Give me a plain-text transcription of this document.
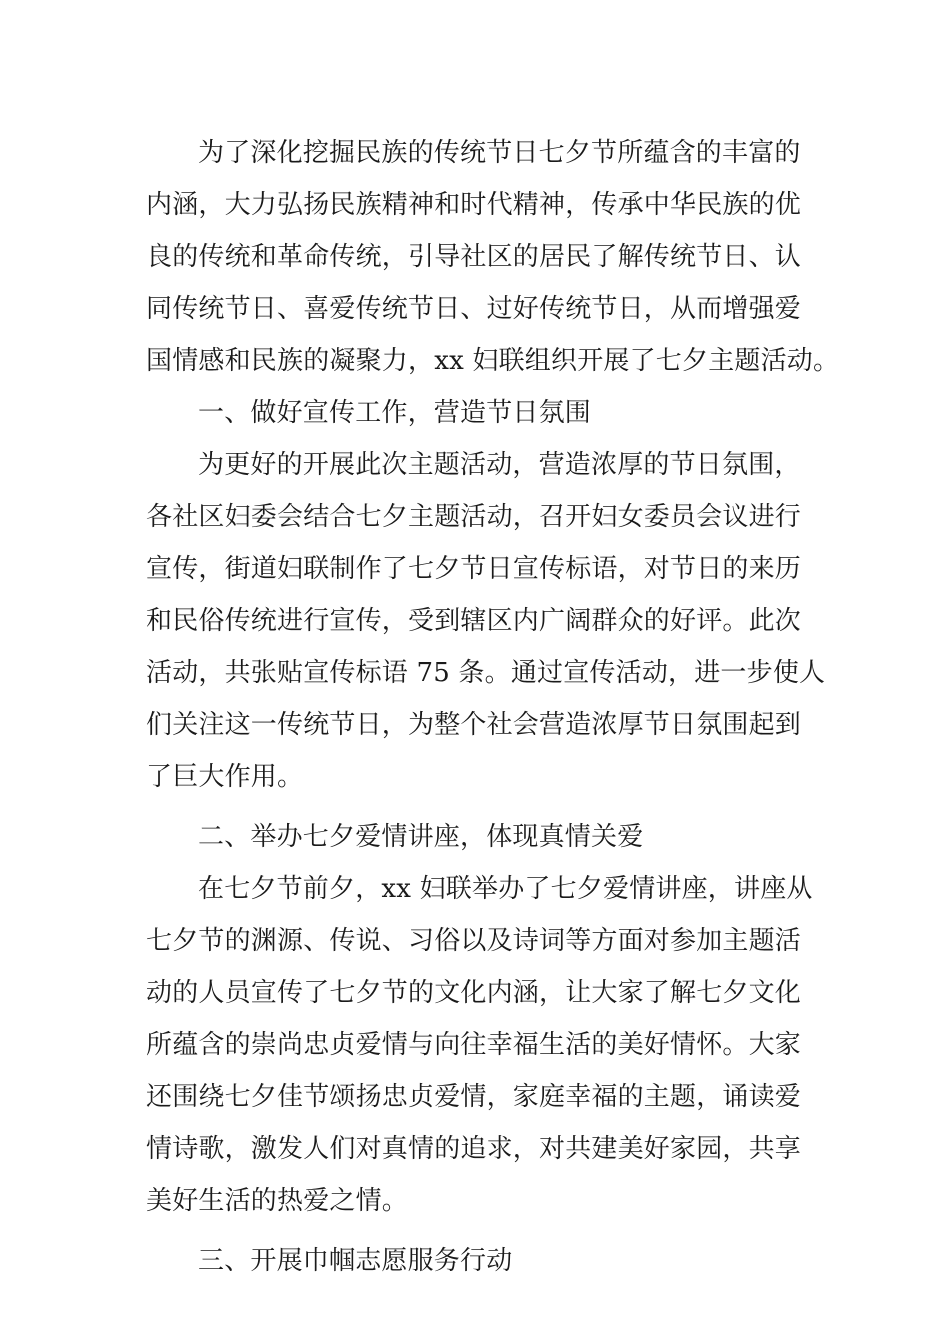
为了深化挖掘民族的传统节日七夕节所蕴含的丰富的
内涵，大力弘扬民族精神和时代精神，传承中华民族的优
良的传统和革命传统，引导社区的居民了解传统节日、认
同传统节日、喜爱传统节日、过好传统节日，从而增强爱
国情感和民族的凝聚力，xx 妇联组织开展了七夕主题活动。

一、做好宣传工作，营造节日氛围

为更好的开展此次主题活动，营造浓厚的节日氛围，
各社区妇委会结合七夕主题活动，召开妇女委员会议进行
宣传，街道妇联制作了七夕节日宣传标语，对节日的来历
和民俗传统进行宣传，受到辖区内广阔群众的好评。此次
活动，共张贴宣传标语 75 条。通过宣传活动，进一步使人
们关注这一传统节日，为整个社会营造浓厚节日氛围起到
了巨大作用。

二、举办七夕爱情讲座，体现真情关爱

在七夕节前夕，xx 妇联举办了七夕爱情讲座，讲座从
七夕节的渊源、传说、习俗以及诗词等方面对参加主题活
动的人员宣传了七夕节的文化内涵，让大家了解七夕文化
所蕴含的崇尚忠贞爱情与向往幸福生活的美好情怀。大家
还围绕七夕佳节颂扬忠贞爱情，家庭幸福的主题，诵读爱
情诗歌，激发人们对真情的追求，对共建美好家园，共享
美好生活的热爱之情。

三、开展巾帼志愿服务行动
